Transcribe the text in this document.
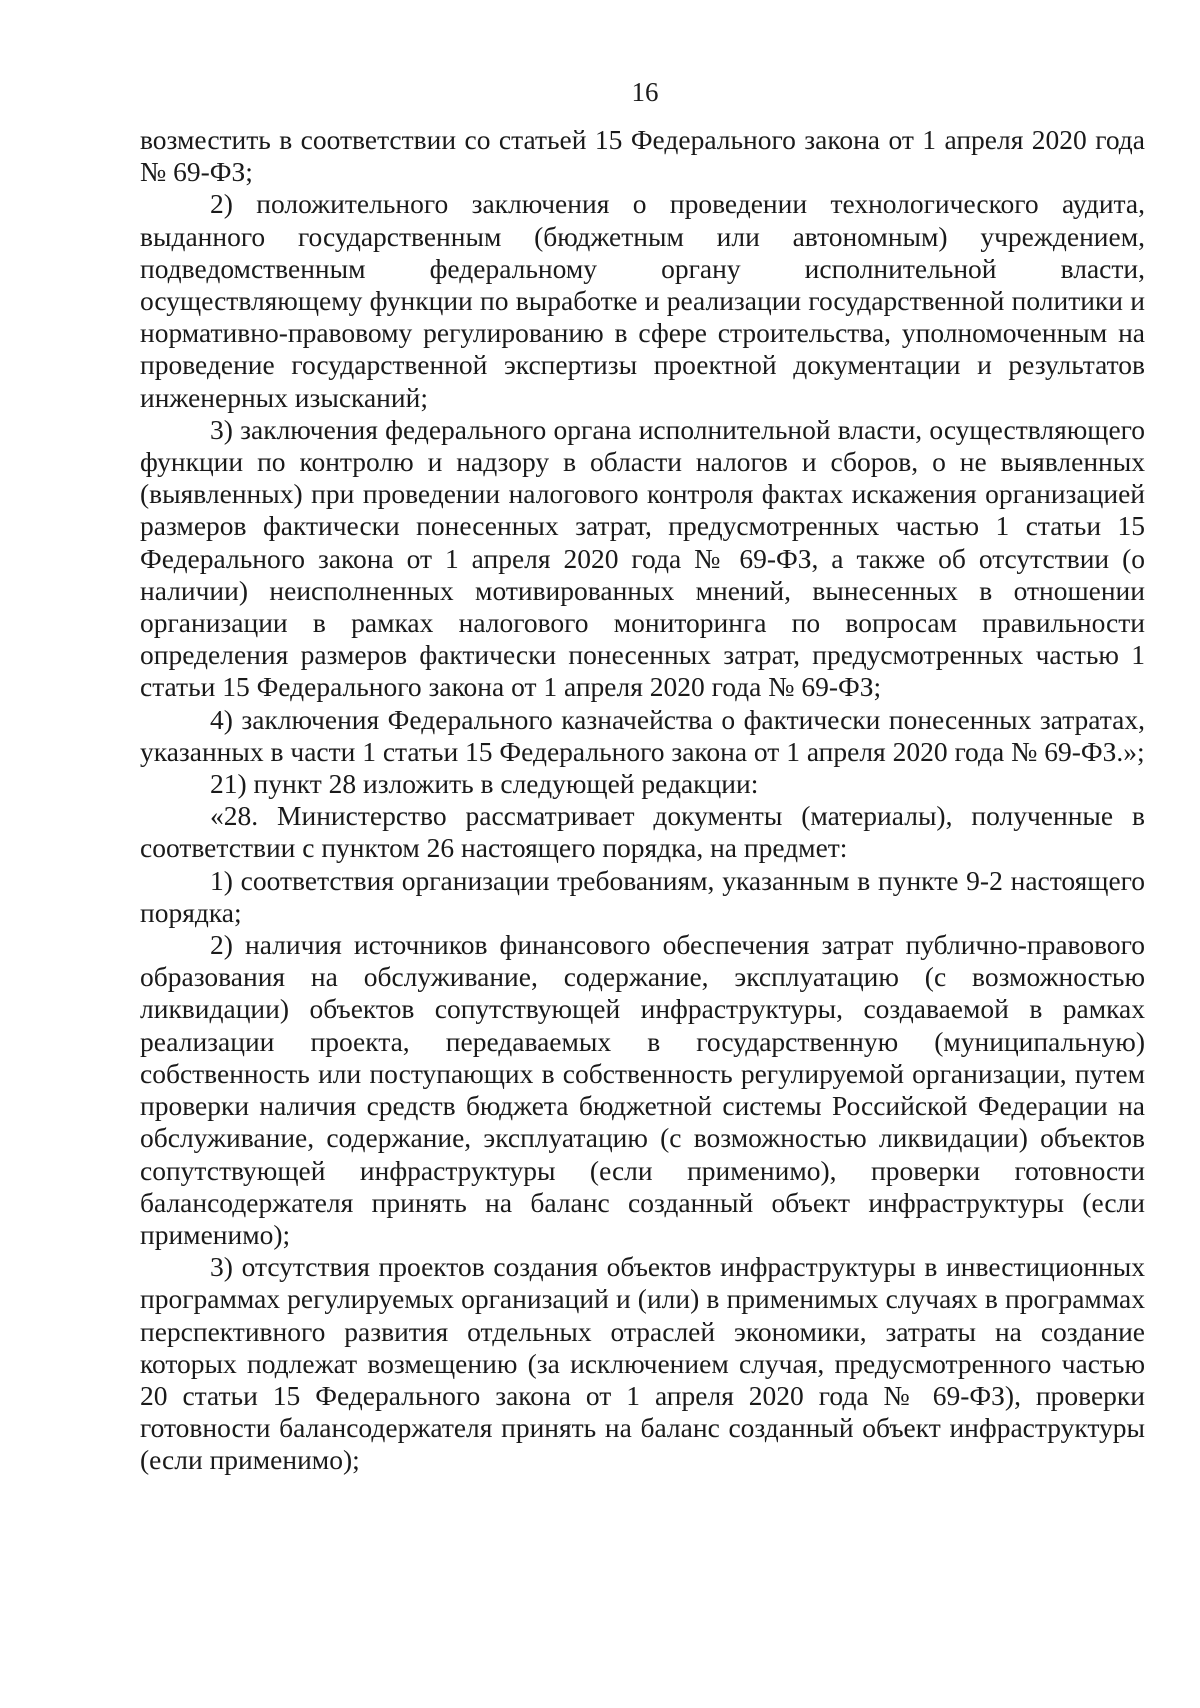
16

возместить в соответствии со статьей 15 Федерального закона от 1 апреля 2020 года № 69-ФЗ;

2) положительного заключения о проведении технологического аудита, выданного государственным (бюджетным или автономным) учреждением, подведомственным федеральному органу исполнительной власти, осуществляющему функции по выработке и реализации государственной политики и нормативно-правовому регулированию в сфере строительства, уполномоченным на проведение государственной экспертизы проектной документации и результатов инженерных изысканий;

3) заключения федерального органа исполнительной власти, осуществляющего функции по контролю и надзору в области налогов и сборов, о не выявленных (выявленных) при проведении налогового контроля фактах искажения организацией размеров фактически понесенных затрат, предусмотренных частью 1 статьи 15 Федерального закона от 1 апреля 2020 года № 69-ФЗ, а также об отсутствии (о наличии) неисполненных мотивированных мнений, вынесенных в отношении организации в рамках налогового мониторинга по вопросам правильности определения размеров фактически понесенных затрат, предусмотренных частью 1 статьи 15 Федерального закона от 1 апреля 2020 года № 69-ФЗ;

4) заключения Федерального казначейства о фактически понесенных затратах, указанных в части 1 статьи 15 Федерального закона от 1 апреля 2020 года № 69-ФЗ.»;

21) пункт 28 изложить в следующей редакции:

«28. Министерство рассматривает документы (материалы), полученные в соответствии с пунктом 26 настоящего порядка, на предмет:

1) соответствия организации требованиям, указанным в пункте 9-2 настоящего порядка;

2) наличия источников финансового обеспечения затрат публично-правового образования на обслуживание, содержание, эксплуатацию (с возможностью ликвидации) объектов сопутствующей инфраструктуры, создаваемой в рамках реализации проекта, передаваемых в государственную (муниципальную) собственность или поступающих в собственность регулируемой организации, путем проверки наличия средств бюджета бюджетной системы Российской Федерации на обслуживание, содержание, эксплуатацию (с возможностью ликвидации) объектов сопутствующей инфраструктуры (если применимо), проверки готовности балансодержателя принять на баланс созданный объект инфраструктуры (если применимо);

3) отсутствия проектов создания объектов инфраструктуры в инвестиционных программах регулируемых организаций и (или) в применимых случаях в программах перспективного развития отдельных отраслей экономики, затраты на создание которых подлежат возмещению (за исключением случая, предусмотренного частью 20 статьи 15 Федерального закона от 1 апреля 2020 года № 69-ФЗ), проверки готовности балансодержателя принять на баланс созданный объект инфраструктуры (если применимо);
